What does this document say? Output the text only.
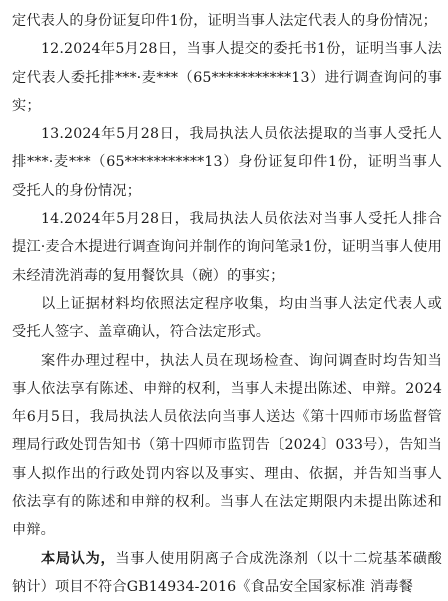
定代表人的身份证复印件1份，证明当事人法定代表人的身份情况；

12.2024年5月28日，当事人提交的委托书1份，证明当事人法定代表人委托排***·麦***（65***********13）进行调查询问的事实；

13.2024年5月28日，我局执法人员依法提取的当事人受托人排***·麦***（65***********13）身份证复印件1份，证明当事人受托人的身份情况；

14.2024年5月28日，我局执法人员依法对当事人受托人排合提江·麦合木提进行调查询问并制作的询问笔录1份，证明当事人使用未经清洗消毒的复用餐饮具（碗）的事实；

以上证据材料均依照法定程序收集，均由当事人法定代表人或受托人签字、盖章确认，符合法定形式。

案件办理过程中，执法人员在现场检查、询问调查时均告知当事人依法享有陈述、申辩的权利，当事人未提出陈述、申辩。2024年6月5日，我局执法人员依法向当事人送达《第十四师市场监督管理局行政处罚告知书（第十四师市监罚告〔2024〕033号），告知当事人拟作出的行政处罚内容以及事实、理由、依据，并告知当事人依法享有的陈述和申辩的权利。当事人在法定期限内未提出陈述和申辩。

本局认为，当事人使用阴离子合成洗涤剂（以十二烷基苯磺酸钠计）项目不符合GB14934-2016《食品安全国家标准 消毒餐
